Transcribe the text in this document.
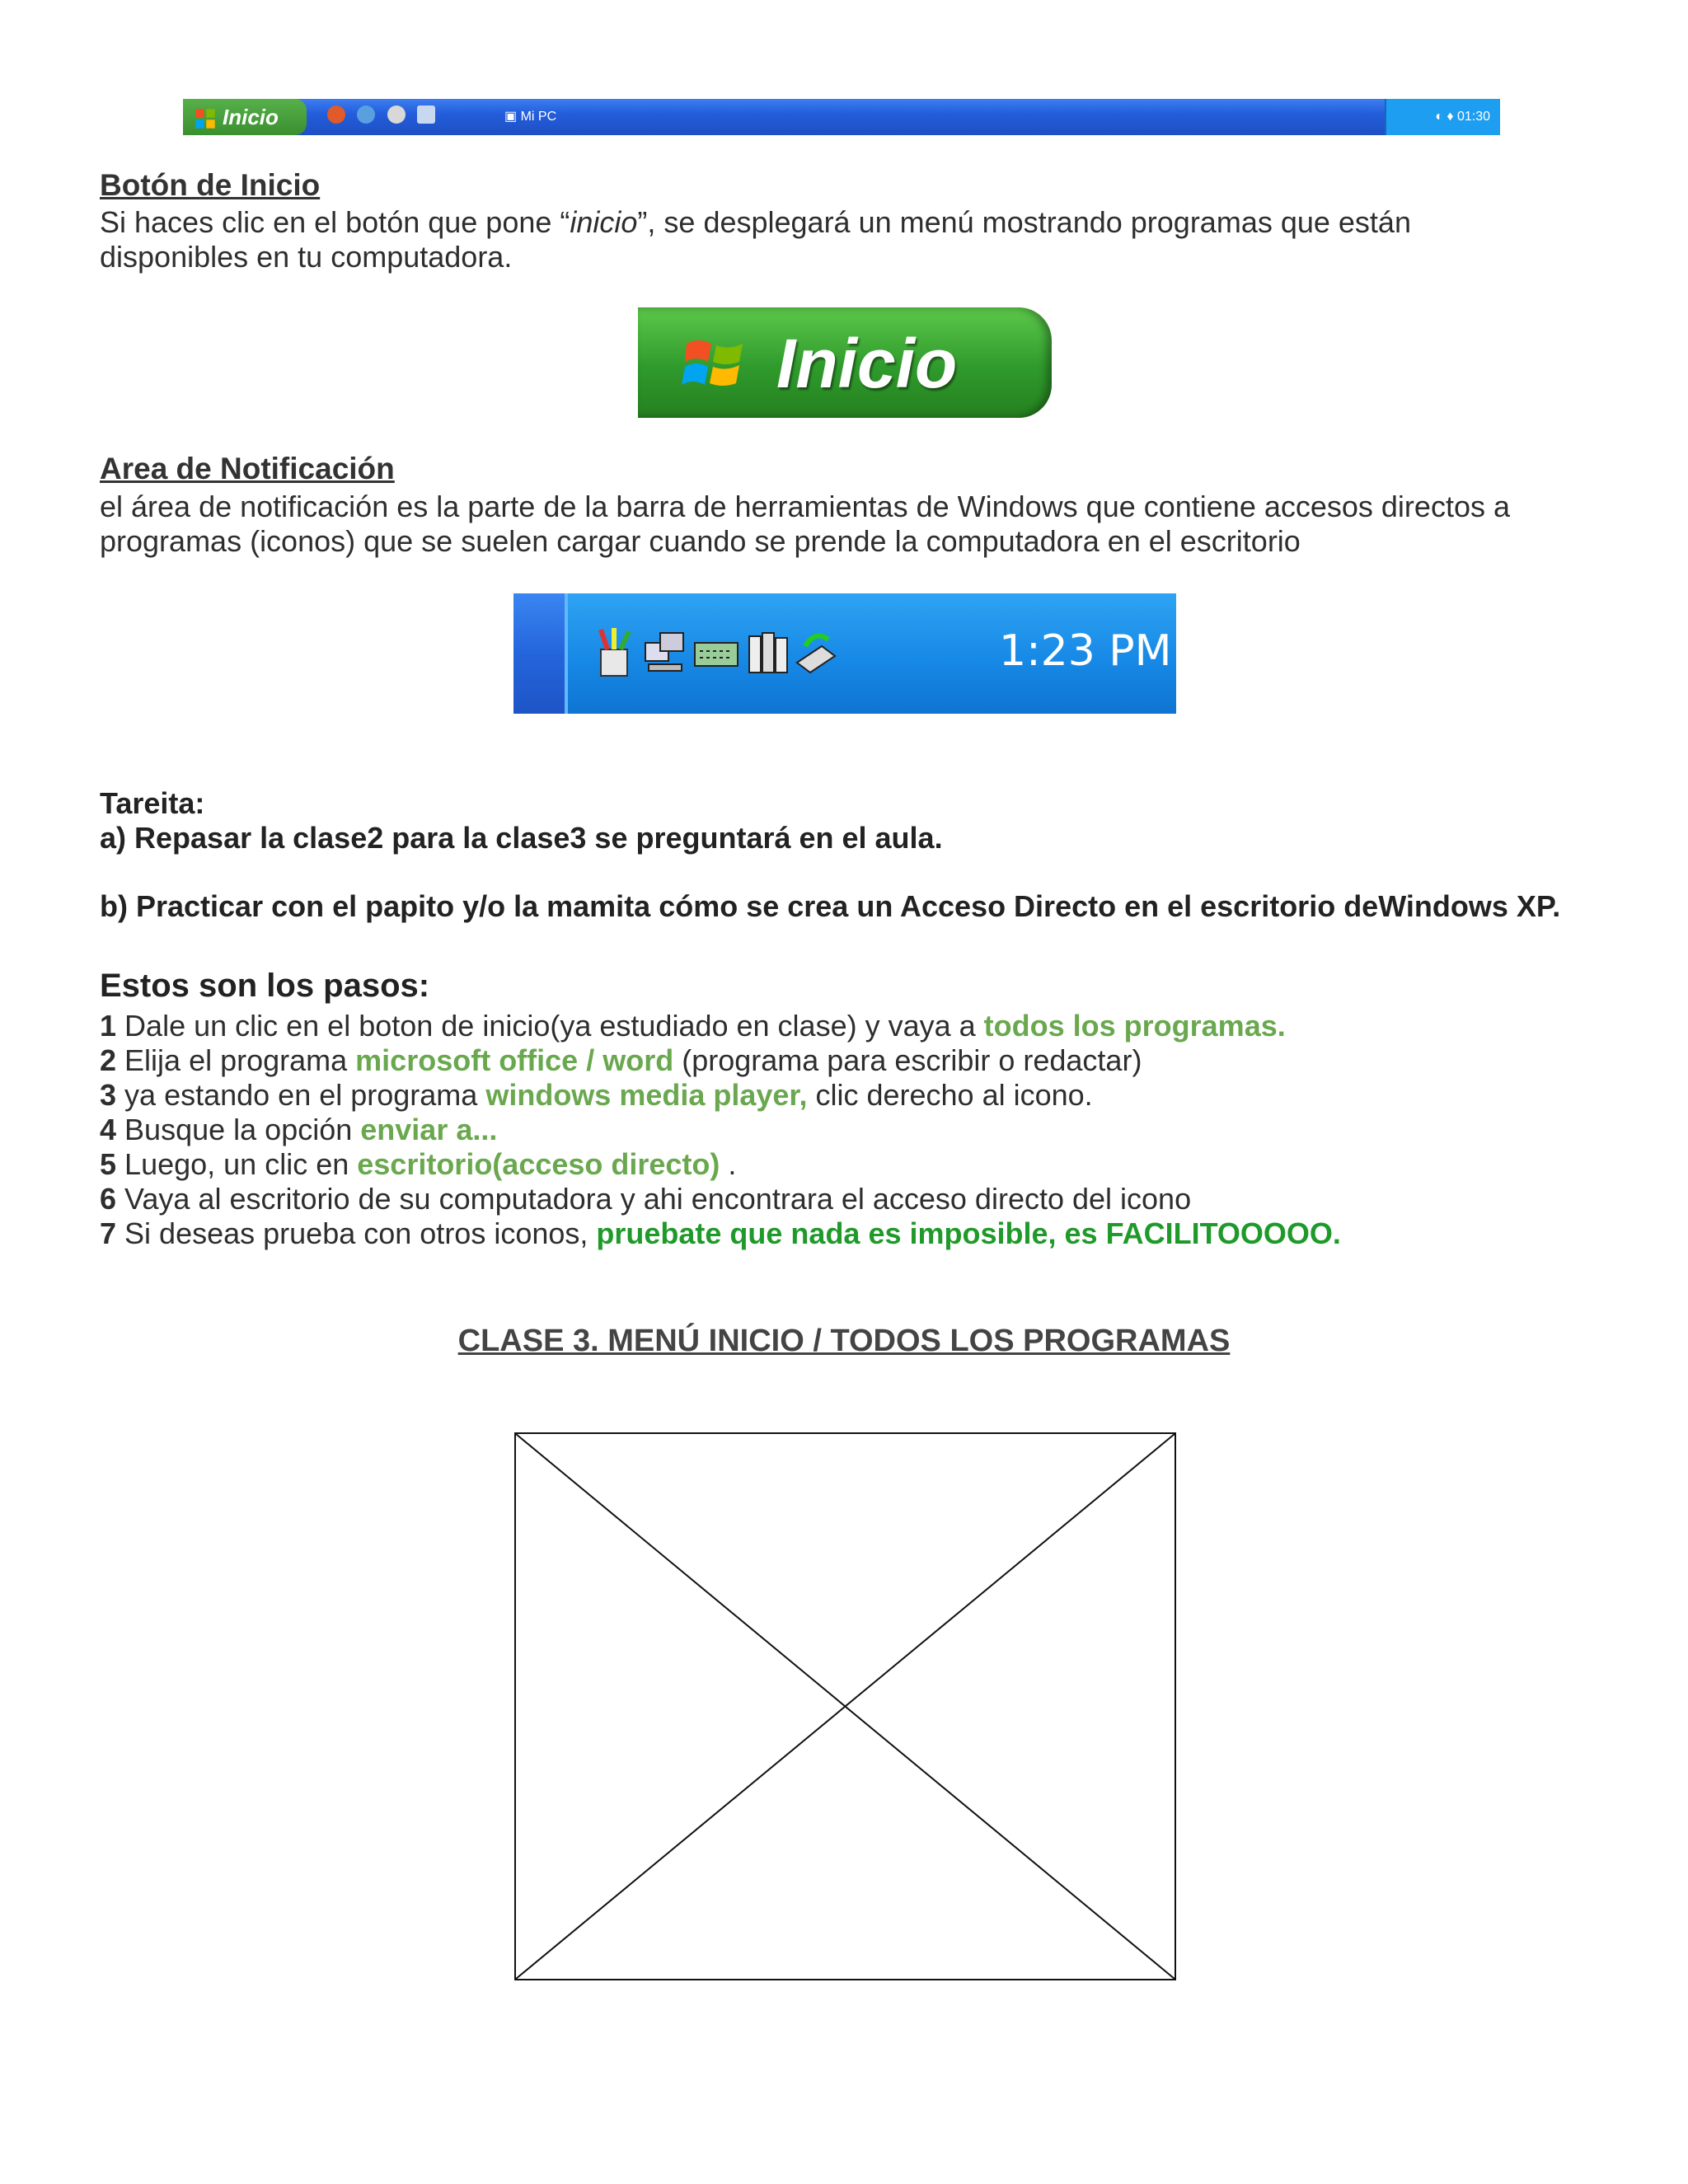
Inicio
	▣ Mi PC	◐ ♦ 01:30
Botón de Inicio
Si haces clic en el botón que pone “inicio”, se desplegará un menú mostrando programas que están disponibles en tu computadora.
Inicio
Area de Notificación
el área de notificación es la parte de la barra de herramientas de Windows que contiene accesos directos a programas (iconos) que se suelen cargar cuando se prende la computadora en el escritorio
1:23 PM
Tareita:
a) Repasar la clase2 para la clase3 se preguntará en el aula.
b) Practicar con el papito y/o la mamita cómo se crea un Acceso Directo en el escritorio deWindows XP.
Estos son los pasos:
1 Dale un clic en el boton de inicio(ya estudiado en clase) y vaya a todos los programas.
2 Elija el programa microsoft office / word (programa para escribir o redactar)
3 ya estando en el programa windows media player, clic derecho al icono.
4 Busque la opción enviar a...
5 Luego, un clic en escritorio(acceso directo) .
6 Vaya al escritorio de su computadora y ahi encontrara el acceso directo del icono
7 Si deseas prueba con otros iconos, pruebate que nada es imposible, es FACILITOOOOO.
CLASE 3. MENÚ INICIO / TODOS LOS PROGRAMAS
